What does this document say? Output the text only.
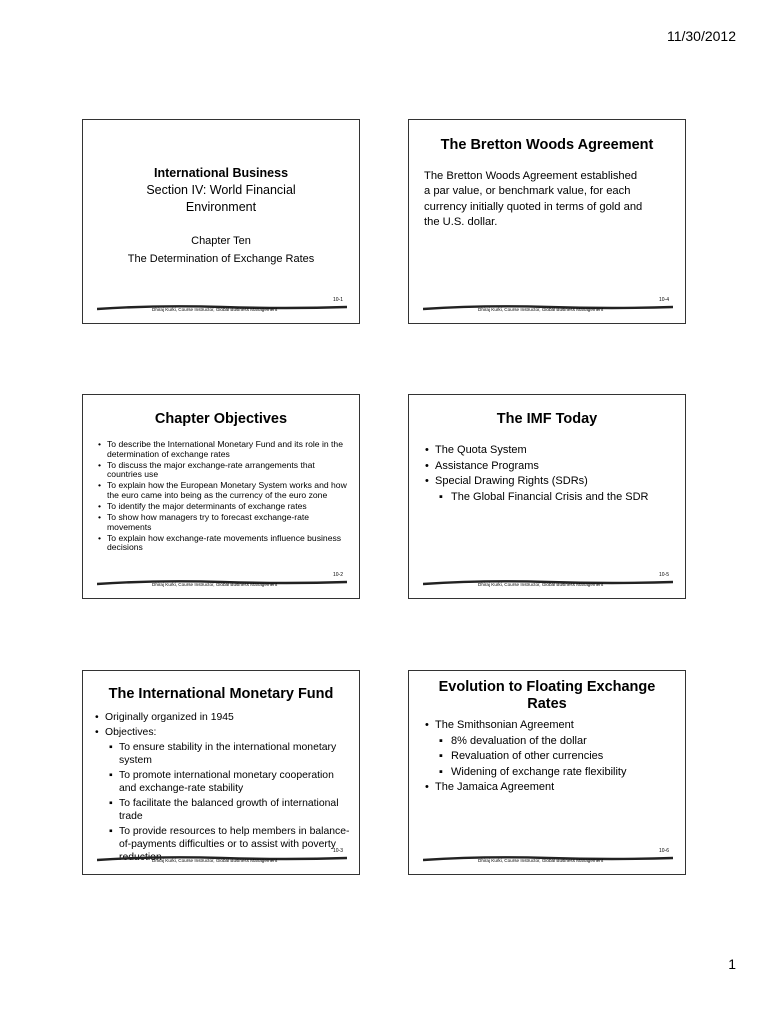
11/30/2012
International Business
Section IV: World Financial
Environment
Chapter Ten
The Determination of Exchange Rates
10-1
Dhiraj Kurki, Course Instructor, Global Business Management
The Bretton Woods Agreement
The Bretton Woods Agreement established
a par value, or benchmark value, for each
currency initially quoted in terms of gold and
the U.S. dollar.
10-4
Dhiraj Kurki, Course Instructor, Global Business Management
Chapter Objectives
• To describe the International Monetary Fund and its role in the determination of exchange rates
• To discuss the major exchange-rate arrangements that countries use
• To explain how the European Monetary System works and how the euro came into being as the currency of the euro zone
• To identify the major determinants of exchange rates
• To show how managers try to forecast exchange-rate movements
• To explain how exchange-rate movements influence business decisions
10-2
Dhiraj Kurki, Course Instructor, Global Business Management
The IMF Today
• The Quota System
• Assistance Programs
• Special Drawing Rights (SDRs)
▪ The Global Financial Crisis and the SDR
10-5
Dhiraj Kurki, Course Instructor, Global Business Management
The International Monetary Fund
• Originally organized in 1945
• Objectives:
▪ To ensure stability in the international monetary system
▪ To promote international monetary cooperation and exchange-rate stability
▪ To facilitate the balanced growth of international trade
▪ To provide resources to help members in balance-of-payments difficulties or to assist with poverty reduction
10-3
Dhiraj Kurki, Course Instructor, Global Business Management
Evolution to Floating Exchange
Rates
• The Smithsonian Agreement
▪ 8% devaluation of the dollar
▪ Revaluation of other currencies
▪ Widening of exchange rate flexibility
• The Jamaica Agreement
10-6
Dhiraj Kurki, Course Instructor, Global Business Management
1
